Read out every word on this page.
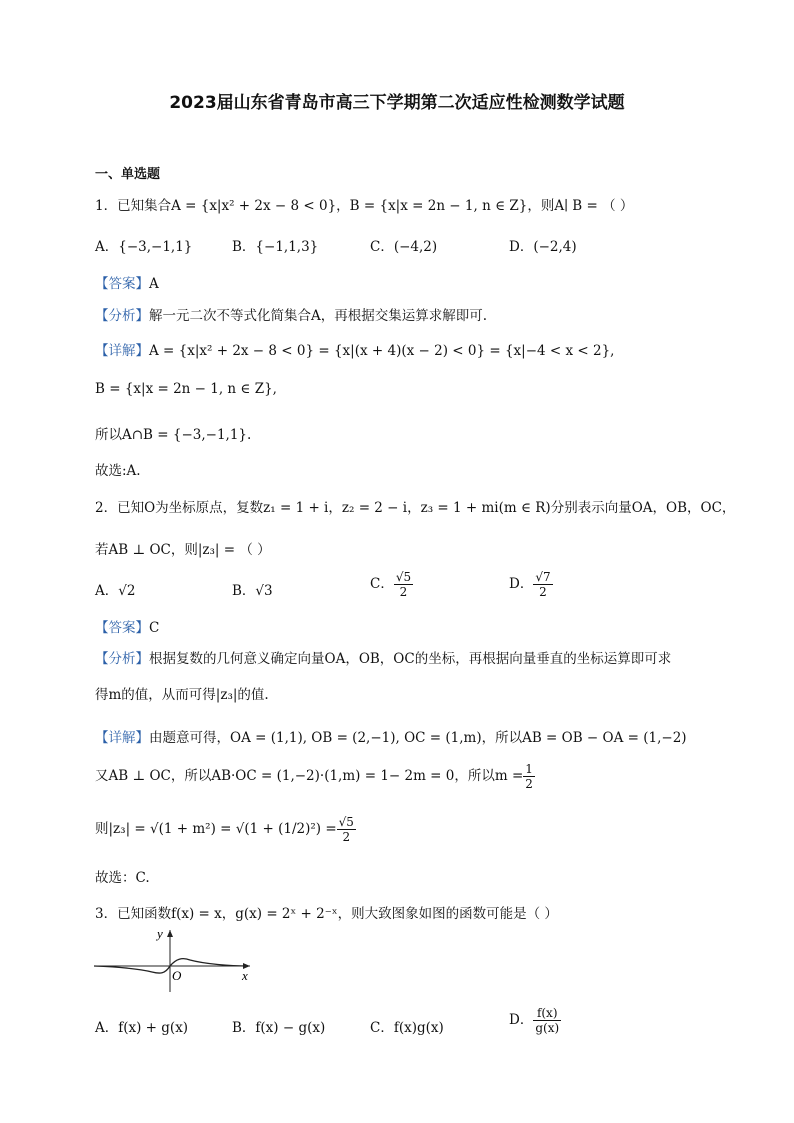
2023届山东省青岛市高三下学期第二次适应性检测数学试题
一、单选题
1．已知集合A = {x|x² + 2x − 8 < 0}，B = {x|x = 2n − 1, n ∈ Z}，则A∣ B = （ ）
A．{−3,−1,1}	B．{−1,1,3}	C．(−4,2)	D．(−2,4)
【答案】A
【分析】解一元二次不等式化简集合A，再根据交集运算求解即可.
【详解】A = {x|x² + 2x − 8 < 0} = {x|(x + 4)(x − 2) < 0} = {x|−4 < x < 2},
B = {x|x = 2n − 1, n ∈ Z},
所以A∩B = {−3,−1,1}.
故选:A.
2．已知O为坐标原点，复数z₁ = 1 + i，z₂ = 2 − i，z₃ = 1 + mi(m ∈ R)分别表示向量OA，OB，OC，
若AB ⊥ OC，则|z₃| = （ ）
A．√2	B．√3	C． $\frac{√5}{2}$	D． $\frac{√7}{2}$
【答案】C
【分析】根据复数的几何意义确定向量OA，OB，OC的坐标，再根据向量垂直的坐标运算即可求
得m的值，从而可得|z₃|的值.
【详解】由题意可得，OA = (1,1), OB = (2,−1), OC = (1,m)，所以AB = OB − OA = (1,−2)
又AB ⊥ OC，所以AB·OC = (1,−2)·(1,m) = 1− 2m = 0，所以$m = \frac{1}{2}$
则$|z_3| = √(1 + m^2) = √(1 + (1/2)^2) = \frac{√5}{2}$
故选：C.
3．已知函数f(x) = x，g(x) = 2ˣ + 2⁻ˣ，则大致图象如图的函数可能是（ ）
y
x
O
A．f(x) + g(x)	B．f(x) − g(x)	C．f(x)g(x)	D． $\frac{f(x)}{g(x)}$
